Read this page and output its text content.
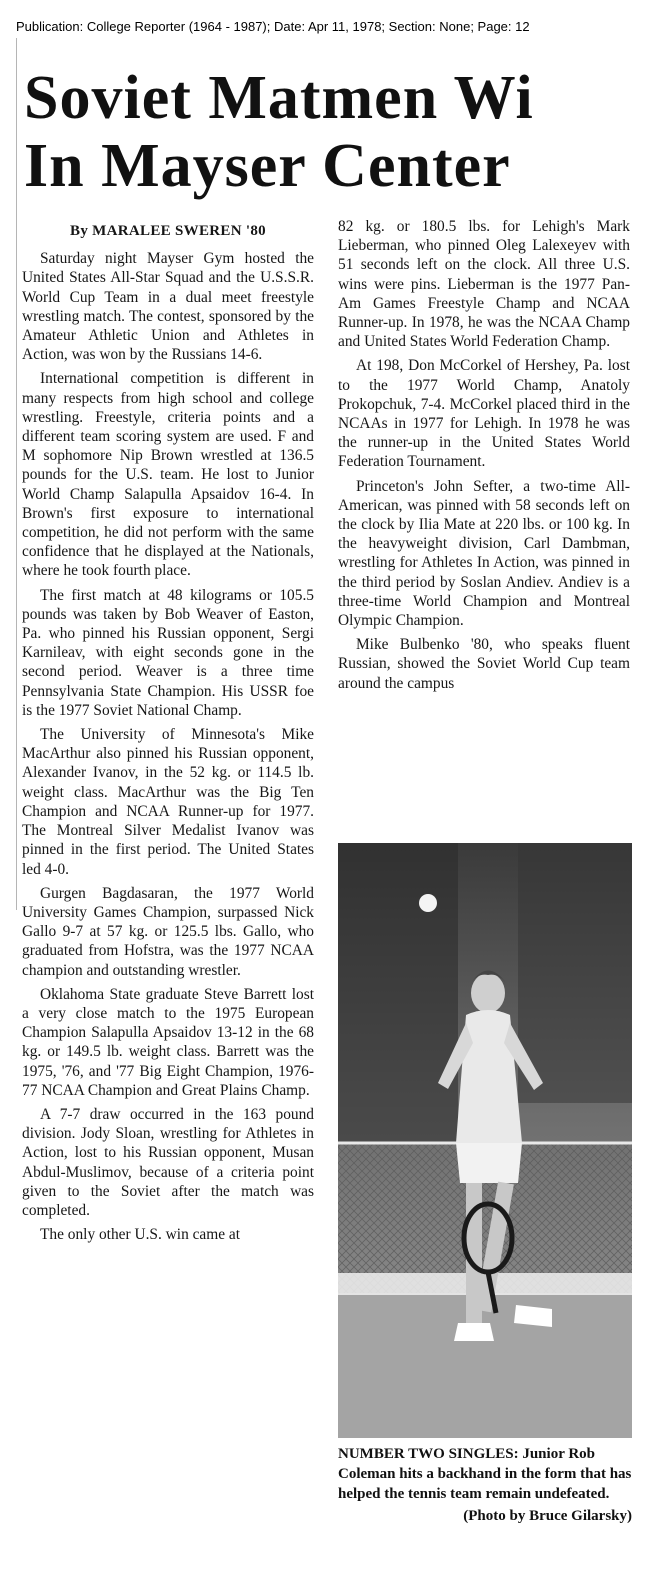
Publication: College Reporter (1964 - 1987); Date: Apr 11, 1978; Section: None; Page: 12
Soviet Matmen Wi
In Mayser Center
By MARALEE SWEREN '80

Saturday night Mayser Gym hosted the United States All-Star Squad and the U.S.S.R. World Cup Team in a dual meet freestyle wrestling match. The contest, sponsored by the Amateur Athletic Union and Athletes in Action, was won by the Russians 14-6.

International competition is different in many respects from high school and college wrestling. Freestyle, criteria points and a different team scoring system are used. F and M sophomore Nip Brown wrestled at 136.5 pounds for the U.S. team. He lost to Junior World Champ Salapulla Apsaidov 16-4. In Brown's first exposure to international competition, he did not perform with the same confidence that he displayed at the Nationals, where he took fourth place.

The first match at 48 kilograms or 105.5 pounds was taken by Bob Weaver of Easton, Pa. who pinned his Russian opponent, Sergi Karnileav, with eight seconds gone in the second period. Weaver is a three time Pennsylvania State Champion. His USSR foe is the 1977 Soviet National Champ.

The University of Minnesota's Mike MacArthur also pinned his Russian opponent, Alexander Ivanov, in the 52 kg. or 114.5 lb. weight class. MacArthur was the Big Ten Champion and NCAA Runner-up for 1977. The Montreal Silver Medalist Ivanov was pinned in the first period. The United States led 4-0.

Gurgen Bagdasaran, the 1977 World University Games Champion, surpassed Nick Gallo 9-7 at 57 kg. or 125.5 lbs. Gallo, who graduated from Hofstra, was the 1977 NCAA champion and outstanding wrestler.

Oklahoma State graduate Steve Barrett lost a very close match to the 1975 European Champion Salapulla Apsaidov 13-12 in the 68 kg. or 149.5 lb. weight class. Barrett was the 1975, '76, and '77 Big Eight Champion, 1976-77 NCAA Champion and Great Plains Champ.

A 7-7 draw occurred in the 163 pound division. Jody Sloan, wrestling for Athletes in Action, lost to his Russian opponent, Musan Abdul-Muslimov, because of a criteria point given to the Soviet after the match was completed.

The only other U.S. win came at

82 kg. or 180.5 lbs. for Lehigh's Mark Lieberman, who pinned Oleg Lalexeyev with 51 seconds left on the clock. All three U.S. wins were pins. Lieberman is the 1977 Pan-Am Games Freestyle Champ and NCAA Runner-up. In 1978, he was the NCAA Champ and United States World Federation Champ.

At 198, Don McCorkel of Hershey, Pa. lost to the 1977 World Champ, Anatoly Prokopchuk, 7-4. McCorkel placed third in the NCAAs in 1977 for Lehigh. In 1978 he was the runner-up in the United States World Federation Tournament.

Princeton's John Sefter, a two-time All-American, was pinned with 58 seconds left on the clock by Ilia Mate at 220 lbs. or 100 kg. In the heavyweight division, Carl Dambman, wrestling for Athletes In Action, was pinned in the third period by Soslan Andiev. Andiev is a three-time World Champion and Montreal Olympic Champion.

Mike Bulbenko '80, who speaks fluent Russian, showed the Soviet World Cup team around the campus

NUMBER TWO SINGLES: Junior Rob Coleman hits a backhand in the form that has helped the tennis team remain undefeated.
(Photo by Bruce Gilarsky)
